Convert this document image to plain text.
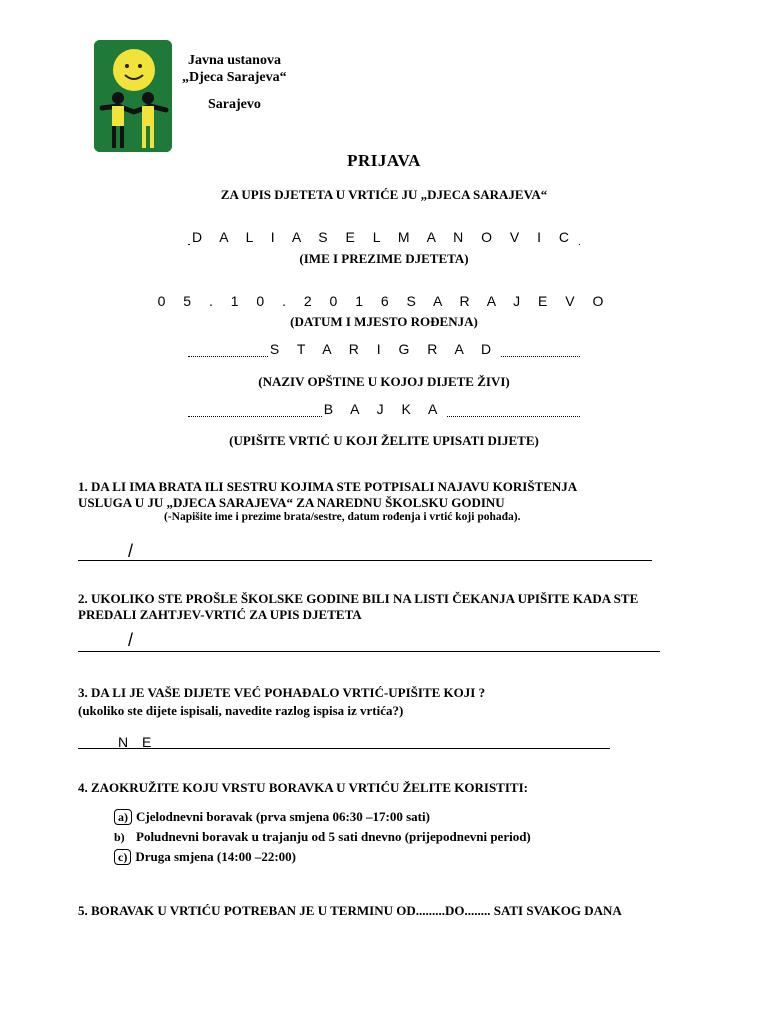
Javna ustanova
„Djeca Sarajeva“
Sarajevo
PRIJAVA
ZA UPIS DJETETA U VRTIĆE JU „DJECA SARAJEVA“
D A L I A S E L M A N O V I C
(IME I PREZIME DJETETA)
0 5 . 1 0 . 2 0 1 6 S A R A J E V O
(DATUM I MJESTO ROĐENJA)
S T A R I G R A D
(NAZIV OPŠTINE U KOJOJ DIJETE ŽIVI)
B A J K A
(UPIŠITE VRTIĆ U KOJI ŽELITE UPISATI DIJETE)
1. DA LI IMA BRATA ILI SESTRU KOJIMA STE POTPISALI NAJAVU KORIŠTENJA
USLUGA U JU „DJECA SARAJEVA“ ZA NAREDNU ŠKOLSKU GODINU
(-Napišite ime i prezime brata/sestre, datum rođenja i vrtić koji pohađa).
/
2. UKOLIKO STE PROŠLE ŠKOLSKE GODINE BILI NA LISTI ČEKANJA UPIŠITE KADA STE
PREDALI ZAHTJEV-VRTIĆ ZA UPIS DJETETA
/
3. DA LI JE VAŠE DIJETE VEĆ POHAĐALO VRTIĆ-UPIŠITE KOJI ?
(ukoliko ste dijete ispisali, navedite razlog ispisa iz vrtića?)
N E
4. ZAOKRUŽITE KOJU VRSTU BORAVKA U VRTIĆU ŽELITE KORISTITI:
a) Cjelodnevni boravak (prva smjena 06:30 –17:00 sati)
b) Poludnevni boravak u trajanju od 5 sati dnevno (prijepodnevni period)
c) Druga smjena (14:00 –22:00)
5. BORAVAK U VRTIĆU POTREBAN JE U TERMINU OD.........DO........ SATI SVAKOG DANA
